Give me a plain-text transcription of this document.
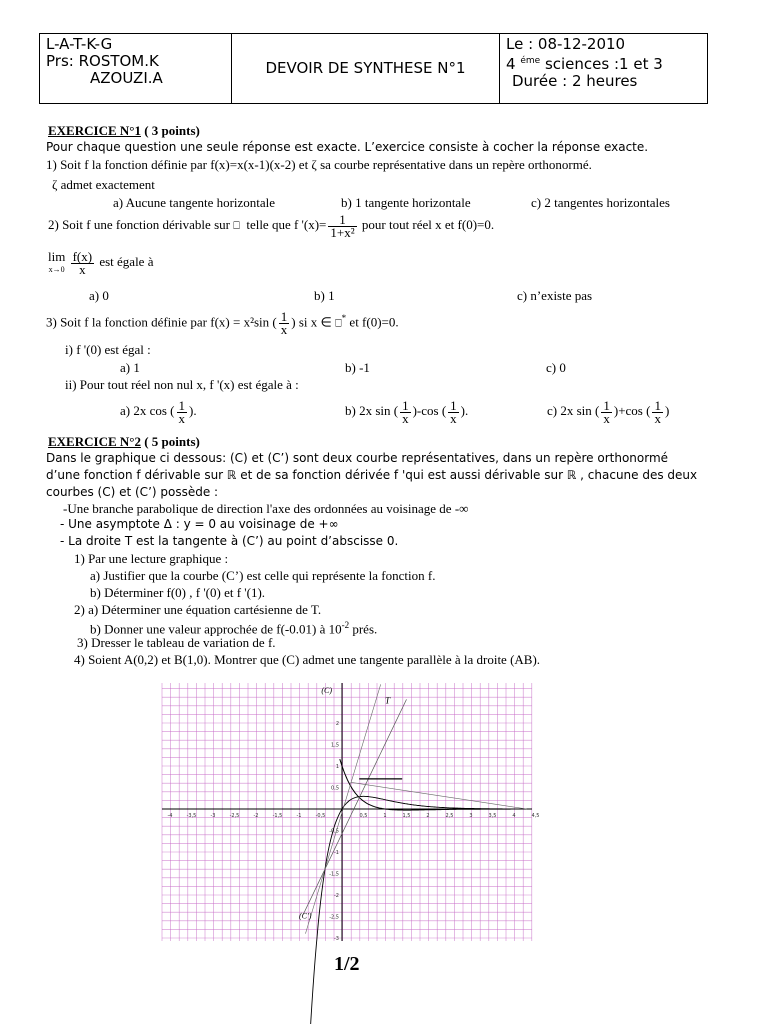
L-A-T-K-G
Prs: ROSTOM.K
AZOUZI.A
DEVOIR DE SYNTHESE N°1
Le : 08-12-2010
4 $^{éme}$ sciences :1 et 3
Durée : 2 heures
EXERCICE N°1 ( 3 points)
Pour chaque question une seule réponse est exacte. L’exercice consiste à cocher la réponse exacte.
1) Soit f la fonction définie par f(x)=x(x-1)(x-2) et ζ sa courbe représentative dans un repère orthonormé.
ζ admet exactement
a) Aucune tangente horizontale	b) 1 tangente horizontale	c) 2 tangentes horizontales
2) Soit f une fonction dérivable sur ⎕ telle que f '$(x)= \frac{1}{\text{1+x²}}$ pour tout réel x et f(0)=0.
lim
$x\to 0 \frac{f(x)}{x}$ est égale à
a) 0	b) 1	c) n’existe pas
3) Soit f la fonction définie par f(x) = x²sin ( $\frac{1}{x}$ ) si x ∈ ⎕* et f(0)=0.
i) f '(0) est égal :
a) 1	b) -1	c) 0
ii) Pour tout réel non nul x, f '(x) est égale à :
a) 2x cos ( $\frac{1}{x}$ ).	b) 2x sin ( $\frac{1}{x} )-\cos$ ( $\frac{1}{x}$ ).	c) 2x sin ( $\frac{1}{x} )+\cos$ ( $\frac{1}{x}$ )
EXERCICE N°2 ( 5 points)
Dans le graphique ci dessous: (C) et (C’) sont deux courbe représentatives, dans un repère orthonormé
d’une fonction f dérivable sur ℝ et de sa fonction dérivée f 'qui est aussi dérivable sur ℝ , chacune des deux
courbes (C) et (C’) possède :
-Une branche parabolique de direction l'axe des ordonnées au voisinage de -∞
- Une asymptote Δ : y = 0 au voisinage de +∞
- La droite T est la tangente à (C’) au point d’abscisse 0.
1) Par une lecture graphique :
a) Justifier que la courbe (C’) est celle qui représente la fonction f.
b) Déterminer f(0) , f '(0) et f '(1).
2) a) Déterminer une équation cartésienne de T.
b) Donner une valeur approchée de f(-0.01) à $10^{-2}$ prés.
3) Dresser le tableau de variation de f.
4) Soient A(0,2) et B(1,0). Montrer que (C) admet une tangente parallèle à la droite (AB).
-4	-3,5	-3	-2,5	-2	-1,5	-1	-0,5	0,5	1	1,5	2	2,5	3	3,5	4	4,5
2
1,5
1
0,5
-0,5
-1
-1,5
-2
-2,5
-3
(C)
(C')
T
1/2
